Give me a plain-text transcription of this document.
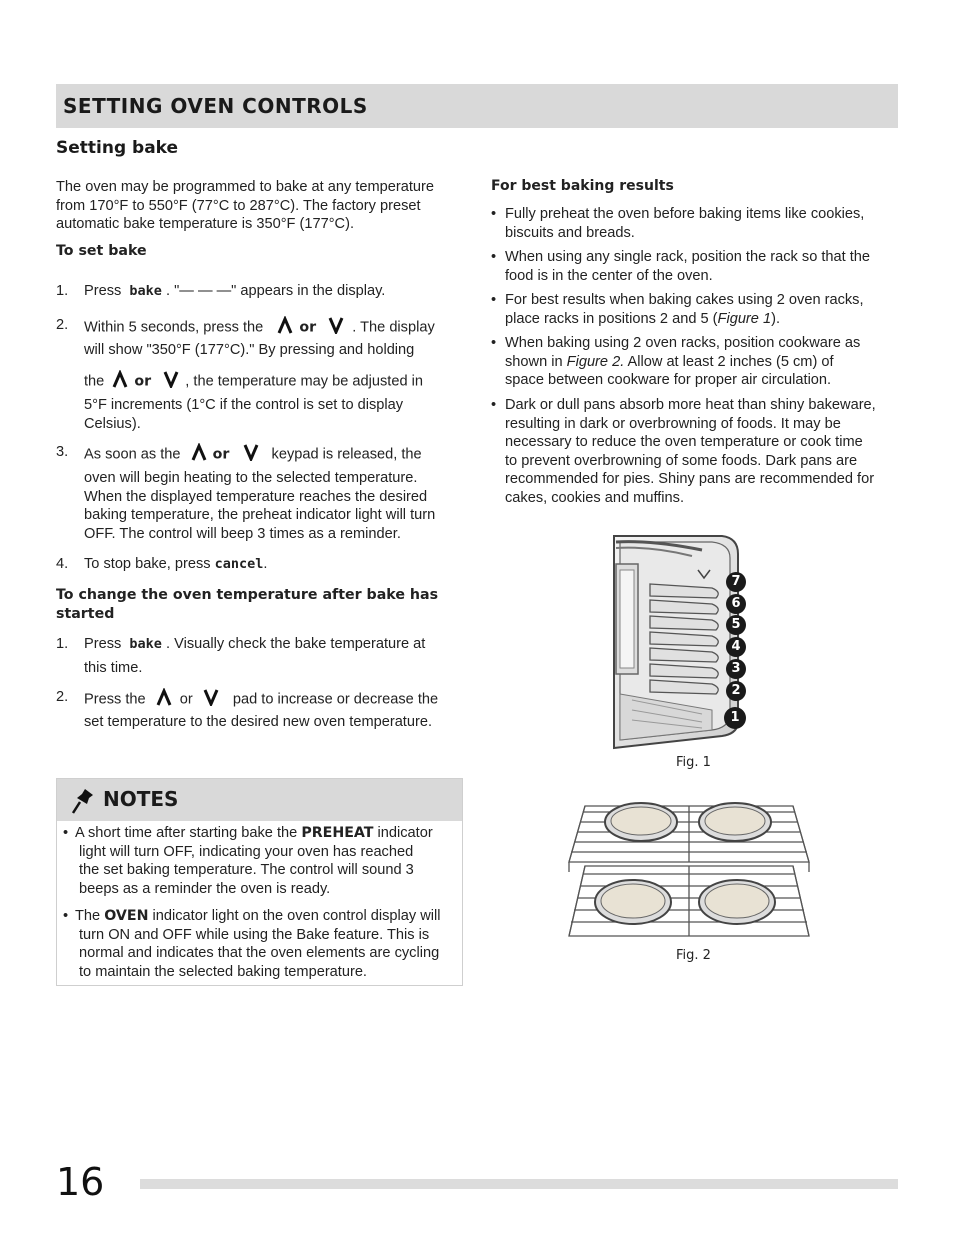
SETTING OVEN CONTROLS
Setting bake
The oven may be programmed to bake at any temperature
from 170°F to 550°F (77°C to 287°C). The factory preset
automatic bake temperature is 350°F (177°C).
To set bake
1. Press bake . "— — —" appears in the display.
2. Within 5 seconds, press the	or . The display
will show "350°F (177°C)." By pressing and holding
the or , the temperature may be adjusted in
5°F increments (1°C if the control is set to display
Celsius).
3. As soon as the or	keypad is released, the
oven will begin heating to the selected temperature.
When the displayed temperature reaches the desired
baking temperature, the preheat indicator light will turn
OFF. The control will beep 3 times as a reminder.
4. To stop bake, press cancel.
To change the oven temperature after bake has
started
1. Press bake . Visually check the bake temperature at
this time.
2. Press the or	pad to increase or decrease the
set temperature to the desired new oven temperature.
NOTES
• A short time after starting bake the PREHEAT indicator
light will turn OFF, indicating your oven has reached
the set baking temperature. The control will sound 3
beeps as a reminder the oven is ready.
• The OVEN indicator light on the oven control display will
turn ON and OFF while using the Bake feature. This is
normal and indicates that the oven elements are cycling
to maintain the selected baking temperature.
For best baking results
• Fully preheat the oven before baking items like cookies,
biscuits and breads.
• When using any single rack, position the rack so that the
food is in the center of the oven.
• For best results when baking cakes using 2 oven racks,
place racks in positions 2 and 5 (Figure 1).
• When baking using 2 oven racks, position cookware as
shown in Figure 2. Allow at least 2 inches (5 cm) of
space between cookware for proper air circulation.
• Dark or dull pans absorb more heat than shiny bakeware,
resulting in dark or overbrowning of foods. It may be
necessary to reduce the oven temperature or cook time
to prevent overbrowning of some foods. Dark pans are
recommended for pies. Shiny pans are recommended for
cakes, cookies and muffins.
7
6
5
4
3
2
1
Fig. 1
Fig. 2
16
